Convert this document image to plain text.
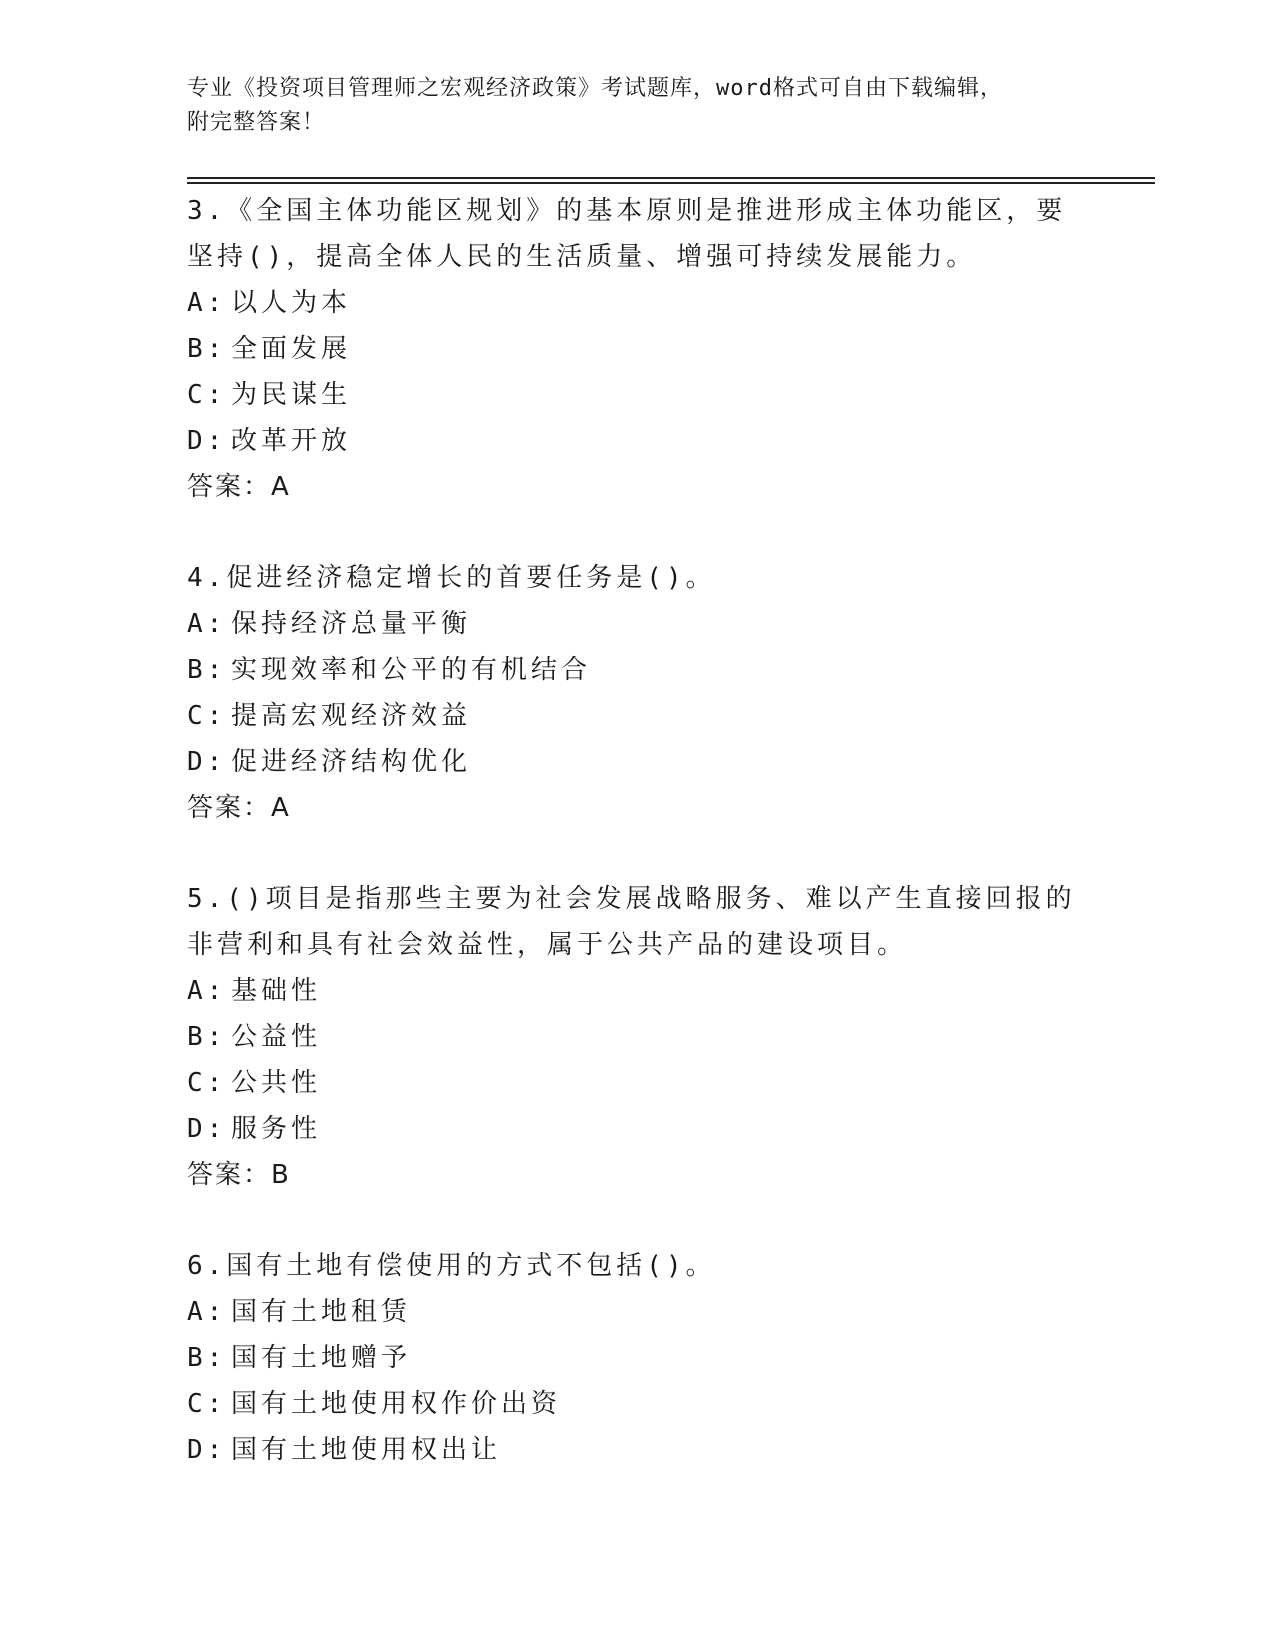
专业《投资项目管理师之宏观经济政策》考试题库，word格式可自由下载编辑，
附完整答案！

3.《全国主体功能区规划》的基本原则是推进形成主体功能区，要坚持()，提高全体人民的生活质量、增强可持续发展能力。

A: 以人为本
B: 全面发展
C: 为民谋生
D: 改革开放
答案：A

4.促进经济稳定增长的首要任务是()。

A: 保持经济总量平衡
B: 实现效率和公平的有机结合
C: 提高宏观经济效益
D: 促进经济结构优化
答案：A

5.()项目是指那些主要为社会发展战略服务、难以产生直接回报的非营利和具有社会效益性，属于公共产品的建设项目。

A: 基础性
B: 公益性
C: 公共性
D: 服务性
答案：B

6.国有土地有偿使用的方式不包括()。

A: 国有土地租赁
B: 国有土地赠予
C: 国有土地使用权作价出资
D: 国有土地使用权出让
